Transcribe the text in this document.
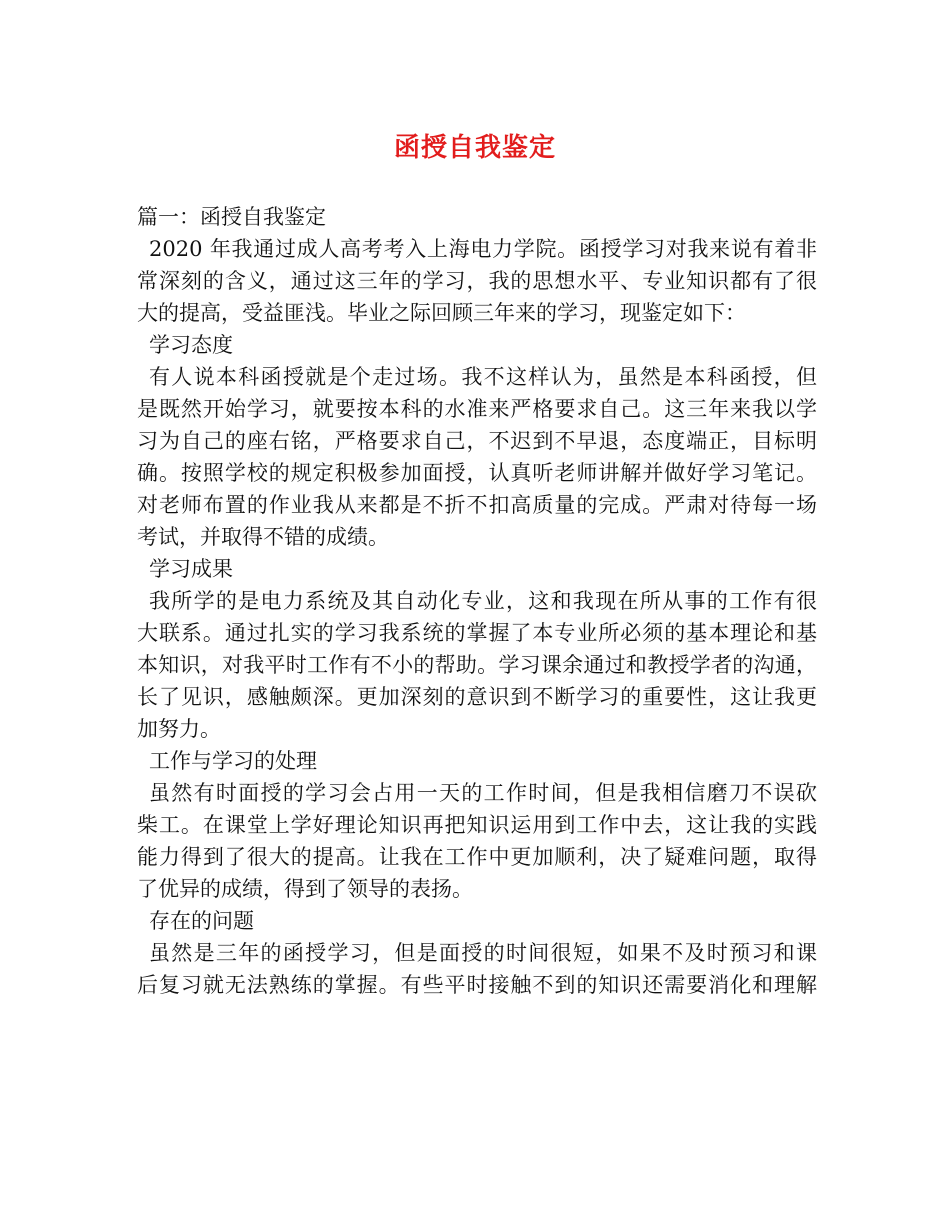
函授自我鉴定
篇一：函授自我鉴定
2020 年我通过成人高考考入上海电力学院。函授学习对我来说有着非
常深刻的含义，通过这三年的学习，我的思想水平、专业知识都有了很
大的提高，受益匪浅。毕业之际回顾三年来的学习，现鉴定如下：
学习态度
有人说本科函授就是个走过场。我不这样认为，虽然是本科函授，但
是既然开始学习，就要按本科的水准来严格要求自己。这三年来我以学
习为自己的座右铭，严格要求自己，不迟到不早退，态度端正，目标明
确。按照学校的规定积极参加面授，认真听老师讲解并做好学习笔记。
对老师布置的作业我从来都是不折不扣高质量的完成。严肃对待每一场
考试，并取得不错的成绩。
学习成果
我所学的是电力系统及其自动化专业，这和我现在所从事的工作有很
大联系。通过扎实的学习我系统的掌握了本专业所必须的基本理论和基
本知识，对我平时工作有不小的帮助。学习课余通过和教授学者的沟通，
长了见识，感触颇深。更加深刻的意识到不断学习的重要性，这让我更
加努力。
工作与学习的处理
虽然有时面授的学习会占用一天的工作时间，但是我相信磨刀不误砍
柴工。在课堂上学好理论知识再把知识运用到工作中去，这让我的实践
能力得到了很大的提高。让我在工作中更加顺利，决了疑难问题，取得
了优异的成绩，得到了领导的表扬。
存在的问题
虽然是三年的函授学习，但是面授的时间很短，如果不及时预习和课
后复习就无法熟练的掌握。有些平时接触不到的知识还需要消化和理解
